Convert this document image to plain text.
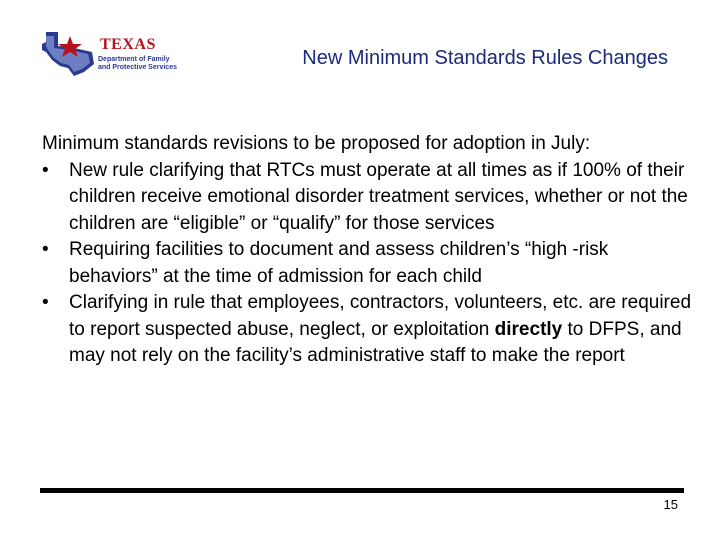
TEXAS
Department of Family
and Protective Services	New Minimum Standards Rules Changes

Minimum standards revisions to be proposed for adoption in July:

•	New rule clarifying that RTCs must operate at all times as if 100% of their children receive emotional disorder treatment services, whether or not the children are “eligible” or “qualify” for those services
•	Requiring facilities to document and assess children’s “high -risk behaviors” at the time of admission for each child
•	Clarifying in rule that employees, contractors, volunteers, etc. are required to report suspected abuse, neglect, or exploitation directly to DFPS, and may not rely on the facility’s administrative staff to make the report
15
